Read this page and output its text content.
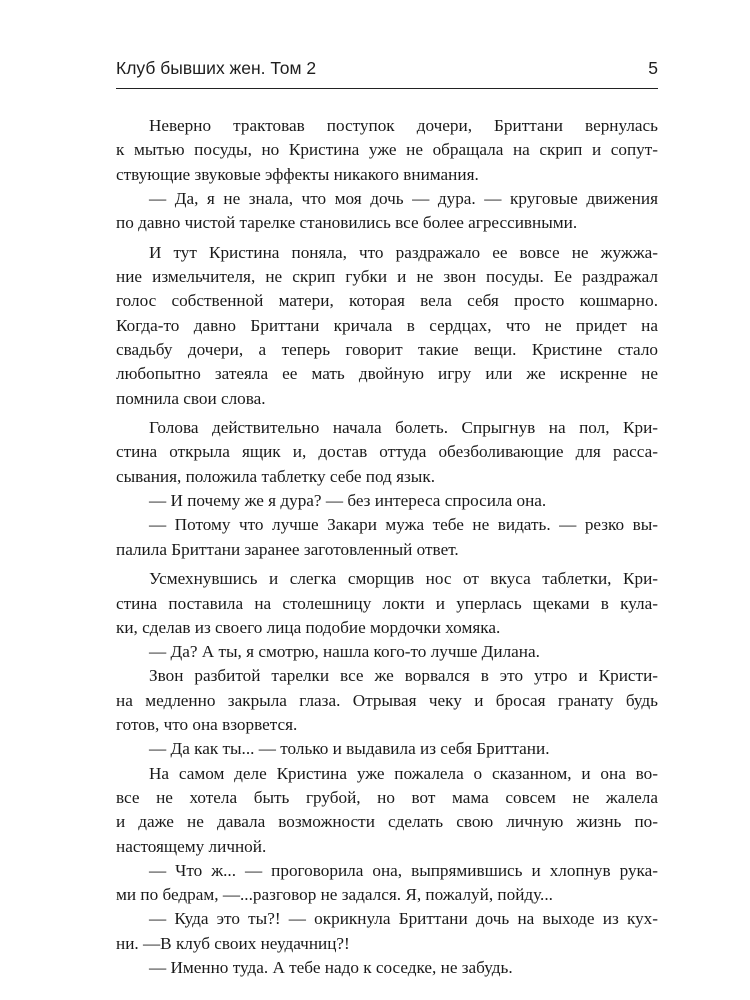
Клуб бывших жен. Том 2	5
Неверно трактовав поступок дочери, Бриттани вернулась
к мытью посуды, но Кристина уже не обращала на скрип и сопут-
ствующие звуковые эффекты никакого внимания.
— Да, я не знала, что моя дочь — дура. — круговые движения
по давно чистой тарелке становились все более агрессивными.
И тут Кристина поняла, что раздражало ее вовсе не жужжа-
ние измельчителя, не скрип губки и не звон посуды. Ее раздражал
голос собственной матери, которая вела себя просто кошмарно.
Когда-то давно Бриттани кричала в сердцах, что не придет на
свадьбу дочери, а теперь говорит такие вещи. Кристине стало
любопытно затеяла ее мать двойную игру или же искренне не
помнила свои слова.
Голова действительно начала болеть. Спрыгнув на пол, Кри-
стина открыла ящик и, достав оттуда обезболивающие для расса-
сывания, положила таблетку себе под язык.
— И почему же я дура? — без интереса спросила она.
— Потому что лучше Закари мужа тебе не видать. — резко вы-
палила Бриттани заранее заготовленный ответ.
Усмехнувшись и слегка сморщив нос от вкуса таблетки, Кри-
стина поставила на столешницу локти и уперлась щеками в кула-
ки, сделав из своего лица подобие мордочки хомяка.
— Да? А ты, я смотрю, нашла кого-то лучше Дилана.
Звон разбитой тарелки все же ворвался в это утро и Кристи-
на медленно закрыла глаза. Отрывая чеку и бросая гранату будь
готов, что она взорвется.
— Да как ты... — только и выдавила из себя Бриттани.
На самом деле Кристина уже пожалела о сказанном, и она во-
все не хотела быть грубой, но вот мама совсем не жалела
и даже не давала возможности сделать свою личную жизнь по-
настоящему личной.
— Что ж... — проговорила она, выпрямившись и хлопнув рука-
ми по бедрам, —...разговор не задался. Я, пожалуй, пойду...
— Куда это ты?! — окрикнула Бриттани дочь на выходе из кух-
ни. —В клуб своих неудачниц?!
— Именно туда. А тебе надо к соседке, не забудь.
